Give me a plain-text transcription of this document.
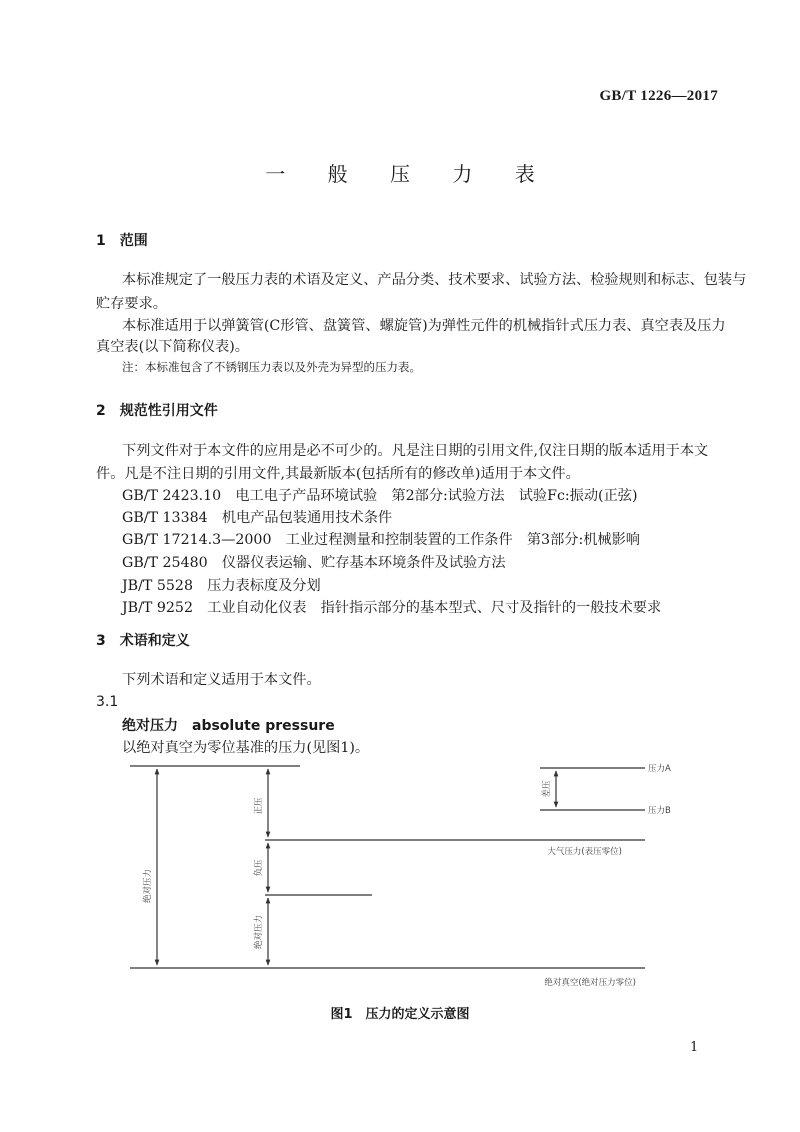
GB/T 1226—2017
一 般 压 力 表
1　范围
本标准规定了一般压力表的术语及定义、产品分类、技术要求、试验方法、检验规则和标志、包装与
贮存要求。
本标准适用于以弹簧管(C形管、盘簧管、螺旋管)为弹性元件的机械指针式压力表、真空表及压力
真空表(以下简称仪表)。
注：本标准包含了不锈钢压力表以及外壳为异型的压力表。
2　规范性引用文件
下列文件对于本文件的应用是必不可少的。凡是注日期的引用文件,仅注日期的版本适用于本文
件。凡是不注日期的引用文件,其最新版本(包括所有的修改单)适用于本文件。
GB/T 2423.10　电工电子产品环境试验　第2部分:试验方法　试验Fc:振动(正弦)
GB/T 13384　机电产品包装通用技术条件
GB/T 17214.3—2000　工业过程测量和控制装置的工作条件　第3部分:机械影响
GB/T 25480　仪器仪表运输、贮存基本环境条件及试验方法
JB/T 5528　压力表标度及分划
JB/T 9252　工业自动化仪表　指针指示部分的基本型式、尺寸及指针的一般技术要求
3　术语和定义
下列术语和定义适用于本文件。
3.1
绝对压力　absolute pressure
以绝对真空为零位基准的压力(见图1)。
绝对压力
正压
负压
绝对压力
差压
压力A
压力B
大气压力(表压零位)
绝对真空(绝对压力零位)
图1　压力的定义示意图
1
